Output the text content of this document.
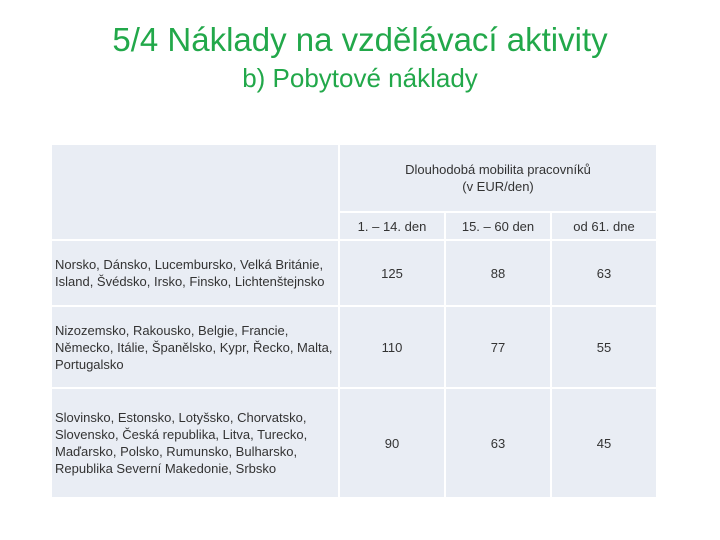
5/4 Náklady na vzdělávací aktivity
b) Pobytové náklady
	Dlouhodobá mobilita pracovníků
(v EUR/den)		
	1. – 14. den	15. – 60 den	od 61. dne
Norsko, Dánsko, Lucembursko, Velká Británie, Island, Švédsko, Irsko, Finsko, Lichtenštejnsko	125	88	63
Nizozemsko, Rakousko, Belgie, Francie, Německo, Itálie, Španělsko, Kypr, Řecko, Malta, Portugalsko	110	77	55
Slovinsko, Estonsko, Lotyšsko, Chorvatsko, Slovensko, Česká republika, Litva, Turecko, Maďarsko, Polsko, Rumunsko, Bulharsko, Republika Severní Makedonie, Srbsko	90	63	45
